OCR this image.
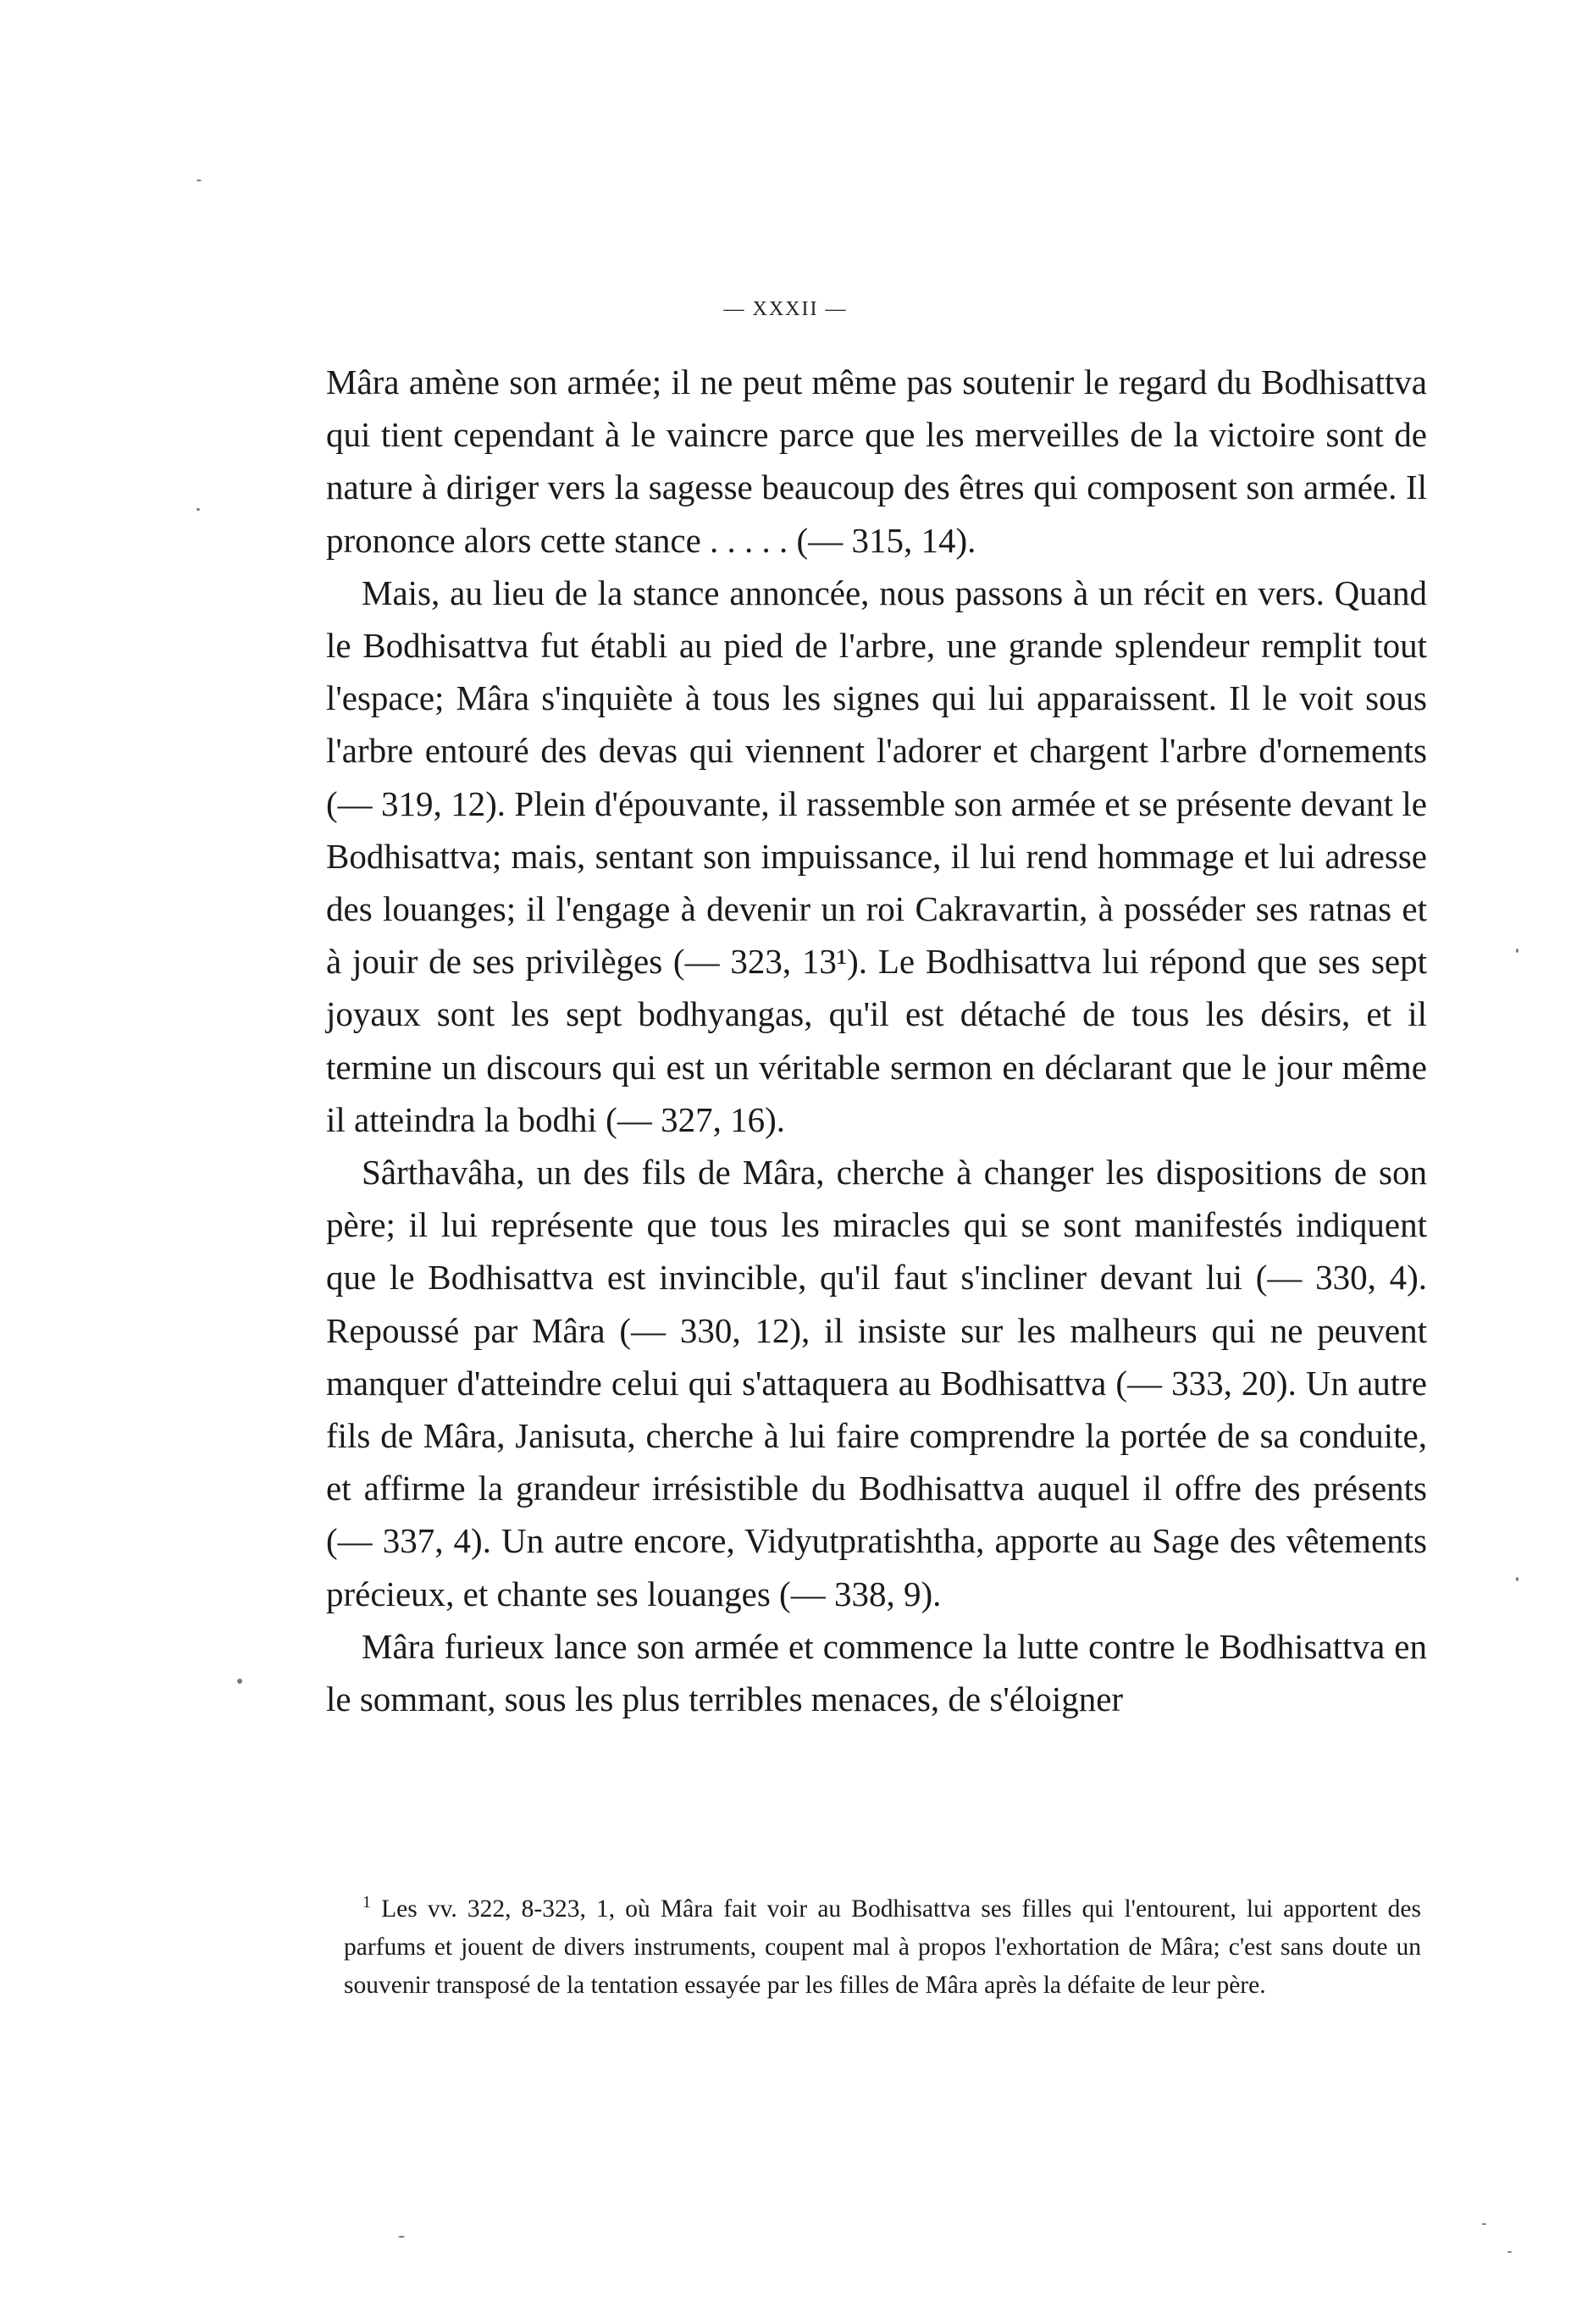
— XXXII —

Mâra amène son armée; il ne peut même pas soutenir le regard du Bodhisattva qui tient cependant à le vaincre parce que les merveilles de la victoire sont de nature à diriger vers la sagesse beaucoup des êtres qui composent son armée. Il prononce alors cette stance . . . . . (— 315, 14).

Mais, au lieu de la stance annoncée, nous passons à un récit en vers. Quand le Bodhisattva fut établi au pied de l'arbre, une grande splendeur remplit tout l'espace; Mâra s'inquiète à tous les signes qui lui apparaissent. Il le voit sous l'arbre entouré des devas qui viennent l'adorer et chargent l'arbre d'ornements (— 319, 12). Plein d'épouvante, il rassemble son armée et se présente devant le Bodhisattva; mais, sentant son impuissance, il lui rend hommage et lui adresse des louanges; il l'engage à devenir un roi Cakravartin, à posséder ses ratnas et à jouir de ses privilèges (— 323, 13¹). Le Bodhisattva lui répond que ses sept joyaux sont les sept bodhyangas, qu'il est détaché de tous les désirs, et il termine un discours qui est un véritable sermon en déclarant que le jour même il atteindra la bodhi (— 327, 16).

Sârthavâha, un des fils de Mâra, cherche à changer les dispositions de son père; il lui représente que tous les miracles qui se sont manifestés indiquent que le Bodhisattva est invincible, qu'il faut s'incliner devant lui (— 330, 4). Repoussé par Mâra (— 330, 12), il insiste sur les malheurs qui ne peuvent manquer d'atteindre celui qui s'attaquera au Bodhisattva (— 333, 20). Un autre fils de Mâra, Janisuta, cherche à lui faire comprendre la portée de sa conduite, et affirme la grandeur irrésistible du Bodhisattva auquel il offre des présents (— 337, 4). Un autre encore, Vidyutpratishtha, apporte au Sage des vêtements précieux, et chante ses louanges (— 338, 9).

Mâra furieux lance son armée et commence la lutte contre le Bodhisattva en le sommant, sous les plus terribles menaces, de s'éloigner

$^1$ Les vv. 322, 8-323, 1, où Mâra fait voir au Bodhisattva ses filles qui l'entourent, lui apportent des parfums et jouent de divers instruments, coupent mal à propos l'exhortation de Mâra; c'est sans doute un souvenir transposé de la tentation essayée par les filles de Mâra après la défaite de leur père.
